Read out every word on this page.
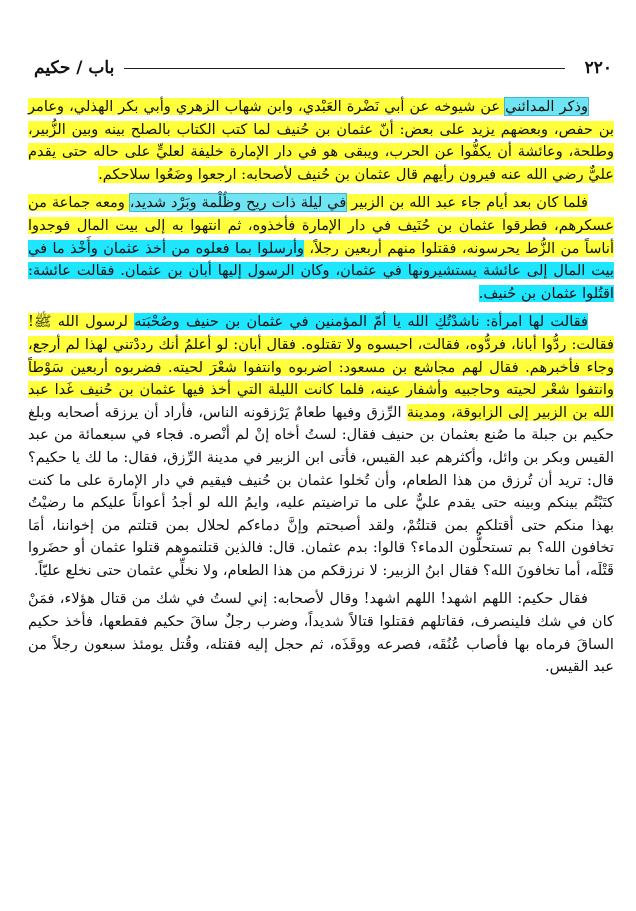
٢٢٠
باب / حكيم

وذكر المدائني عن شيوخه عن أبي نَضْرة العَبْدي، وابن شهاب الزهري وأبي بكر الهذلي، وعامر بن حفص، وبعضهم يزيد على بعض: أنّ عثمان بن حُنيف لما كتب الكتاب بالصلح بينه وبين الزُّبير، وطلحة، وعائشة أن يكفُّوا عن الحرب، ويبقى هو في دار الإمارة خليفة لعليٍّ على حاله حتى يقدم عليٌّ رضي الله عنه فيرون رأيهم قال عثمان بن حُنيف لأصحابه: ارجعوا وضَعُوا سلاحكم.

فلما كان بعد أيام جاء عبد الله بن الزبير في ليلة ذات ريح وظُلْمة وبَرْد شديد، ومعه جماعة من عسكرهم، فطرقوا عثمان بن حُنَيف في دار الإمارة فأخذوه، ثم انتهوا به إلى بيت المال فوجدوا أناساً من الزُّط يحرسونه، فقتلوا منهم أربعين رجلاً، وأرسلوا بما فعلوه من أخذ عثمان وأَخْذ ما في بيت المال إلى عائشة يستشيرونها في عثمان، وكان الرسول إليها أبان بن عثمان. فقالت عائشة: اقتُلوا عثمان بن حُنيف.

فقالت لها امرأة: ناشدْتُكِ الله يا أمّ المؤمنين في عثمان بن حنيف وصُحْبَته لرسول الله ﷺ! فقالت: ردُّوا أبانا، فردُّوه، فقالت، احبسوه ولا تقتلوه. فقال أبان: لو أعلمُ أنك رددْتني لهذا لم أرجع، وجاء فأخبرهم. فقال لهم مجاشع بن مسعود: اضربوه وانتفوا شعْرَ لحيته. فضربوه أربعين سَوْطاً وانتفوا شعْر لحيته وحاجبيه وأشفار عينه، فلما كانت الليلة التي أخذ فيها عثمان بن حُنيف غَدا عبد الله بن الزبير إلى الزابوقة، ومدينة الرِّزق وفيها طعامٌ يَرْزقونه الناس، فأراد أن يرزقه أصحابه وبلغ حكيم بن جبلة ما صُنع بعثمان بن حنيف فقال: لستُ أخاه إنْ لم أنْصره. فجاء في سبعمائة من عبد القيس وبكر بن وائل، وأكثرهم عبد القيس، فأتى ابن الزبير في مدينة الرِّزق، فقال: ما لك يا حكيم؟ قال: تريد أن تُرزق من هذا الطعام، وأن تُخلوا عثمان بن حُنيف فيقيم في دار الإمارة على ما كنت كتَبْتُم بينكم وبينه حتى يقدم عليٌّ على ما تراضيتم عليه، وايمُ الله لو أجدُ أعواناً عليكم ما رضيْتُ بهذا منكم حتى أقتلكم بمن قتلتُمْ، ولقد أصبحتم وإنَّ دماءكم لحلال بمن قتلتم من إخواننا، أمَا تخافون الله؟ بم تستحلُّون الدماء؟ قالوا: بدم عثمان. قال: فالذين قتلتموهم قتلوا عثمان أو حضَروا قَتْلَه، أما تخافونَ الله؟ فقال ابنُ الزبير: لا نرزقكم من هذا الطعام، ولا نخلِّي عثمان حتى نخلع عليّاً.

فقال حكيم: اللهم اشهد! اللهم اشهد! وقال لأصحابه: إني لستُ في شك من قتال هؤلاء، فمَنْ كان في شك فلينصرف، فقاتلهم فقتلوا قتالاً شديداً، وضرب رجلٌ ساقَ حكيم فقطعها، فأخذ حكيم الساقَ فرماه بها فأصاب عُنُقَه، فصرعه ووقَذَه، ثم حجل إليه فقتله، وقُتل يومئذ سبعون رجلاً من عبد القيس.
